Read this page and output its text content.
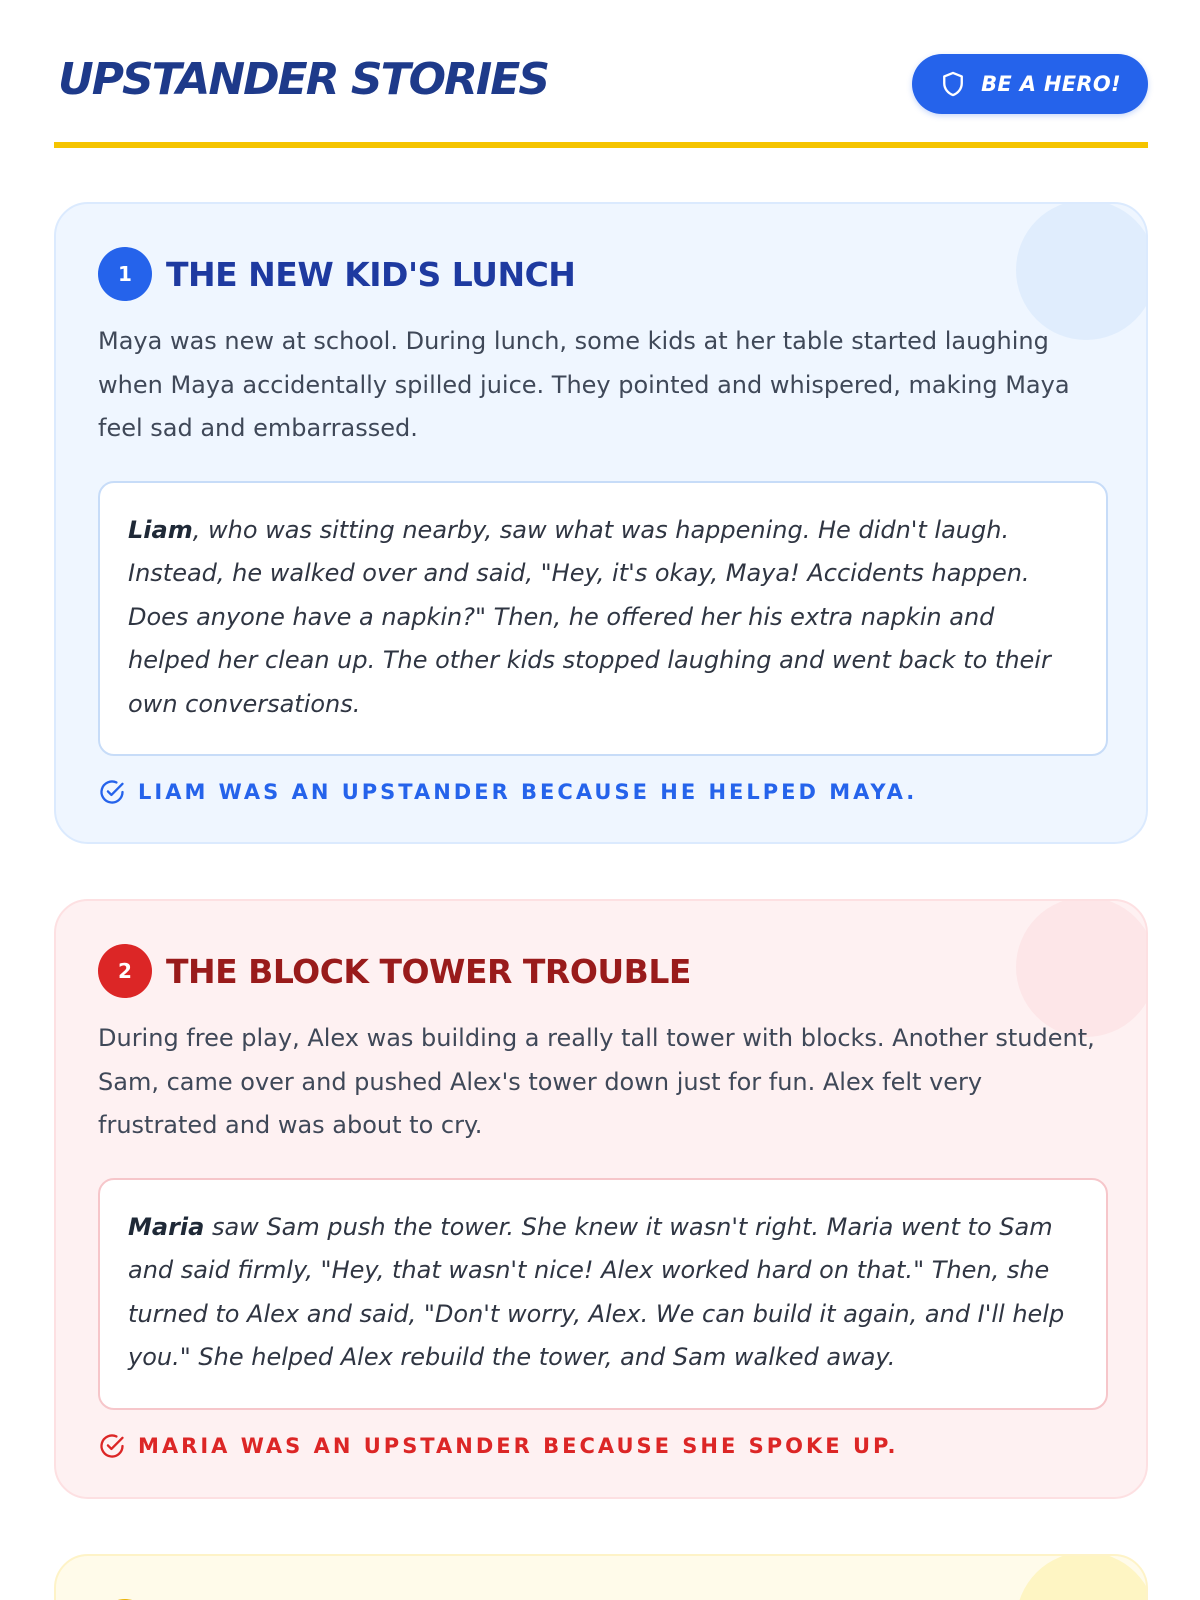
UPSTANDER STORIES	BE A HERO!
1	THE NEW KID'S LUNCH

Maya was new at school. During lunch, some kids at her table started laughing when Maya accidentally spilled juice. They pointed and whispered, making Maya feel sad and embarrassed.

Liam, who was sitting nearby, saw what was happening. He didn't laugh. Instead, he walked over and said, "Hey, it's okay, Maya! Accidents happen. Does anyone have a napkin?" Then, he offered her his extra napkin and helped her clean up. The other kids stopped laughing and went back to their own conversations.
LIAM WAS AN UPSTANDER BECAUSE HE HELPED MAYA.
2	THE BLOCK TOWER TROUBLE

During free play, Alex was building a really tall tower with blocks. Another student, Sam, came over and pushed Alex's tower down just for fun. Alex felt very frustrated and was about to cry.

Maria saw Sam push the tower. She knew it wasn't right. Maria went to Sam and said firmly, "Hey, that wasn't nice! Alex worked hard on that." Then, she turned to Alex and said, "Don't worry, Alex. We can build it again, and I'll help you." She helped Alex rebuild the tower, and Sam walked away.
MARIA WAS AN UPSTANDER BECAUSE SHE SPOKE UP.
